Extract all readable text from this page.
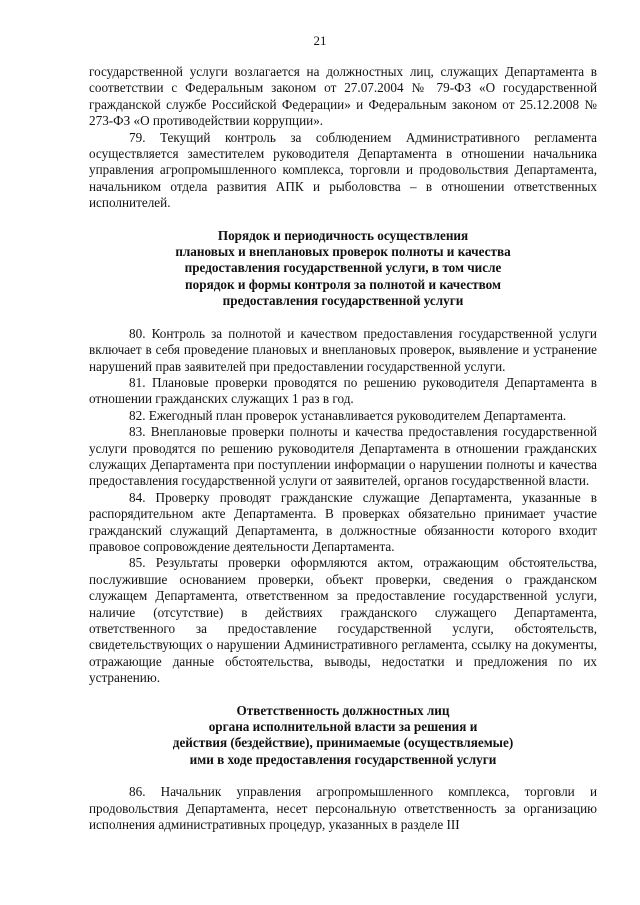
21

государственной услуги возлагается на должностных лиц, служащих Департамента в соответствии с Федеральным законом от 27.07.2004 № 79-ФЗ «О государственной гражданской службе Российской Федерации» и Федеральным законом от 25.12.2008 № 273-ФЗ «О противодействии коррупции».

79. Текущий контроль за соблюдением Административного регламента осуществляется заместителем руководителя Департамента в отношении начальника управления агропромышленного комплекса, торговли и продовольствия Департамента, начальником отдела развития АПК и рыболовства – в отношении ответственных исполнителей.

Порядок и периодичность осуществления
плановых и внеплановых проверок полноты и качества
предоставления государственной услуги, в том числе
порядок и формы контроля за полнотой и качеством
предоставления государственной услуги

80. Контроль за полнотой и качеством предоставления государственной услуги включает в себя проведение плановых и внеплановых проверок, выявление и устранение нарушений прав заявителей при предоставлении государственной услуги.

81. Плановые проверки проводятся по решению руководителя Департамента в отношении гражданских служащих 1 раз в год.

82. Ежегодный план проверок устанавливается руководителем Департамента.

83. Внеплановые проверки полноты и качества предоставления государственной услуги проводятся по решению руководителя Департамента в отношении гражданских служащих Департамента при поступлении информации о нарушении полноты и качества предоставления государственной услуги от заявителей, органов государственной власти.

84. Проверку проводят гражданские служащие Департамента, указанные в распорядительном акте Департамента. В проверках обязательно принимает участие гражданский служащий Департамента, в должностные обязанности которого входит правовое сопровождение деятельности Департамента.

85. Результаты проверки оформляются актом, отражающим обстоятельства, послужившие основанием проверки, объект проверки, сведения о гражданском служащем Департамента, ответственном за предоставление государственной услуги, наличие (отсутствие) в действиях гражданского служащего Департамента, ответственного за предоставление государственной услуги, обстоятельств, свидетельствующих о нарушении Административного регламента, ссылку на документы, отражающие данные обстоятельства, выводы, недостатки и предложения по их устранению.

Ответственность должностных лиц
органа исполнительной власти за решения и
действия (бездействие), принимаемые (осуществляемые)
ими в ходе предоставления государственной услуги

86. Начальник управления агропромышленного комплекса, торговли и продовольствия Департамента, несет персональную ответственность за организацию исполнения административных процедур, указанных в разделе III
